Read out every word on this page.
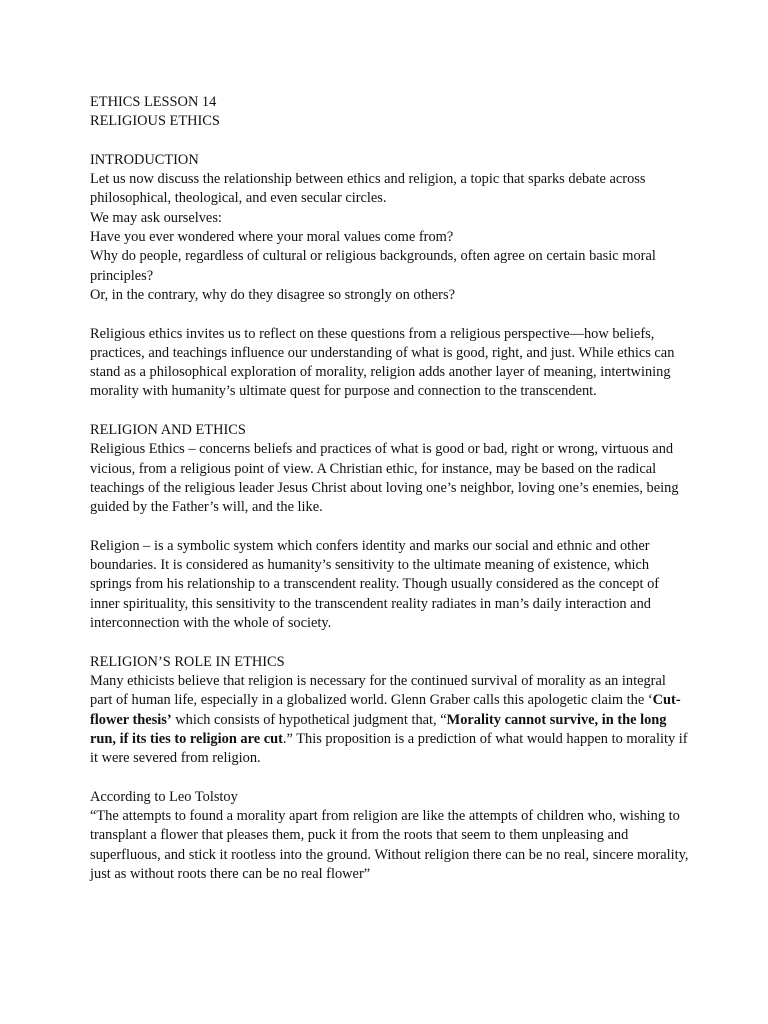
ETHICS LESSON 14

RELIGIOUS ETHICS

INTRODUCTION

Let us now discuss the relationship between ethics and religion, a topic that sparks debate across philosophical, theological, and even secular circles.

We may ask ourselves:

Have you ever wondered where your moral values come from?

Why do people, regardless of cultural or religious backgrounds, often agree on certain basic moral principles?

Or, in the contrary, why do they disagree so strongly on others?

Religious ethics invites us to reflect on these questions from a religious perspective—how beliefs, practices, and teachings influence our understanding of what is good, right, and just. While ethics can stand as a philosophical exploration of morality, religion adds another layer of meaning, intertwining morality with humanity’s ultimate quest for purpose and connection to the transcendent.

RELIGION AND ETHICS

Religious Ethics – concerns beliefs and practices of what is good or bad, right or wrong, virtuous and vicious, from a religious point of view. A Christian ethic, for instance, may be based on the radical teachings of the religious leader Jesus Christ about loving one’s neighbor, loving one’s enemies, being guided by the Father’s will, and the like.

Religion – is a symbolic system which confers identity and marks our social and ethnic and other boundaries. It is considered as humanity’s sensitivity to the ultimate meaning of existence, which springs from his relationship to a transcendent reality. Though usually considered as the concept of inner spirituality, this sensitivity to the transcendent reality radiates in man’s daily interaction and interconnection with the whole of society.

RELIGION’S ROLE IN ETHICS

Many ethicists believe that religion is necessary for the continued survival of morality as an integral part of human life, especially in a globalized world. Glenn Graber calls this apologetic claim the ‘Cut-flower thesis’ which consists of hypothetical judgment that, “Morality cannot survive, in the long run, if its ties to religion are cut.” This proposition is a prediction of what would happen to morality if it were severed from religion.

According to Leo Tolstoy

“The attempts to found a morality apart from religion are like the attempts of children who, wishing to transplant a flower that pleases them, puck it from the roots that seem to them unpleasing and superfluous, and stick it rootless into the ground. Without religion there can be no real, sincere morality, just as without roots there can be no real flower”
